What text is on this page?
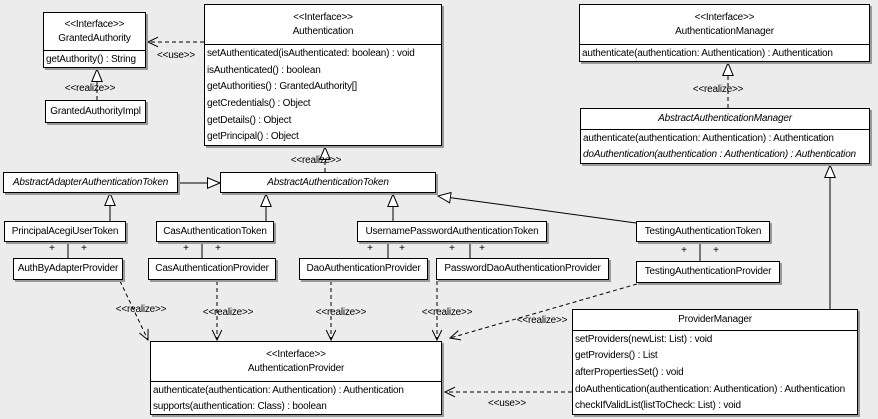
<<Interface>>
GrantedAuthority
getAuthority() : String
GrantedAuthorityImpl
<<Interface>>
Authentication
setAuthenticated(isAuthenticated: boolean) : void
isAuthenticated() : boolean
getAuthorities() : GrantedAuthority[]
getCredentials() : Object
getDetails() : Object
getPrincipal() : Object
<<Interface>>
AuthenticationManager
authenticate(authentication: Authentication) : Authentication
AbstractAuthenticationManager
authenticate(authentication: Authentication) : Authentication
doAuthentication(authentication : Authentication) : Authentication
AbstractAdapterAuthenticationToken	AbstractAuthenticationToken
PrincipalAcegiUserToken	CasAuthenticationToken	UsernamePasswordAuthenticationToken	TestingAuthenticationToken
AuthByAdapterProvider	CasAuthenticationProvider	DaoAuthenticationProvider	PasswordDaoAuthenticationProvider	TestingAuthenticationProvider
<<Interface>>
AuthenticationProvider
authenticate(authentication: Authentication) : Authentication
supports(authentication: Class) : boolean
ProviderManager
setProviders(newList: List) : void
getProviders() : List
afterPropertiesSet() : void
doAuthentication(authentication: Authentication) : Authentication
checkIfValidList(listToCheck: List) : void
<<use>>
<<realize>>
<<realize>>
<<realize>>
<<realize>>	<<realize>>	<<realize>>	<<realize>>
<<realize>>
<<use>>
+	+	+	+	+	+	+ +	+	+
